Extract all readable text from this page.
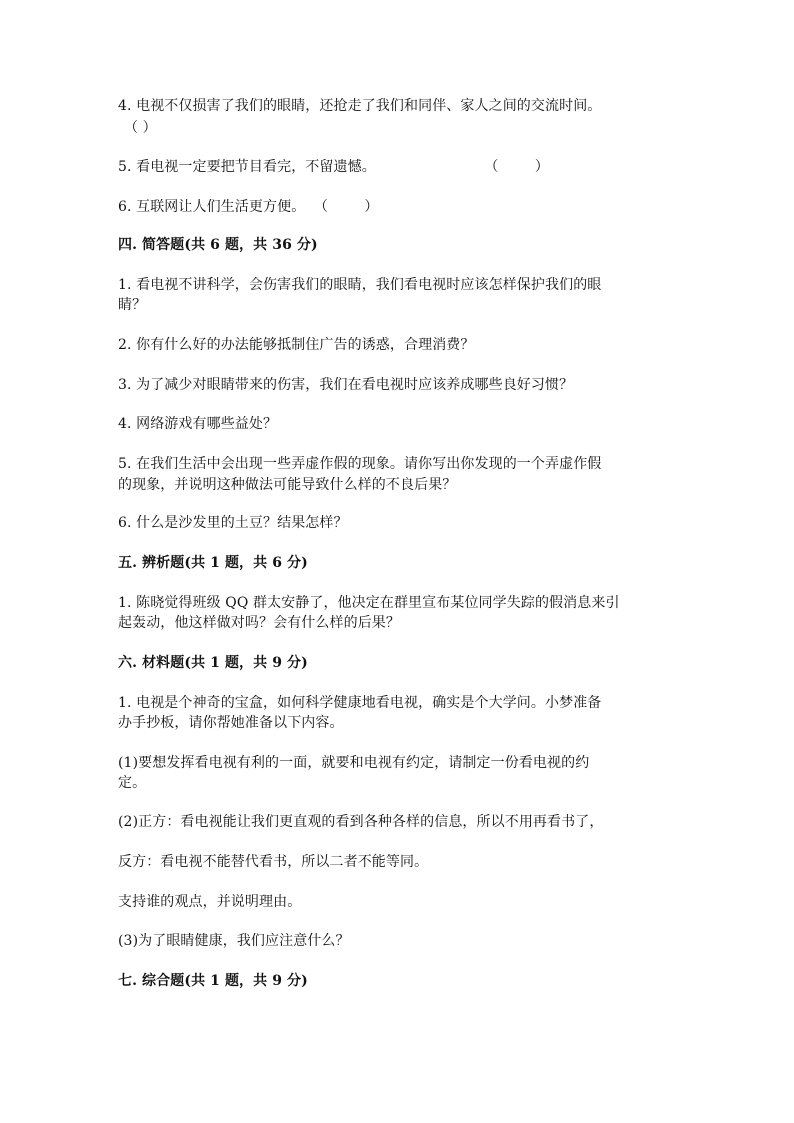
4. 电视不仅损害了我们的眼睛，还抢走了我们和同伴、家人之间的交流时间。
（ ）
5. 看电视一定要把节目看完，不留遗憾。	（        ）
6. 互联网让人们生活更方便。 （        ）
四. 简答题(共 6 题，共 36 分)
1. 看电视不讲科学，会伤害我们的眼睛，我们看电视时应该怎样保护我们的眼
睛？
2. 你有什么好的办法能够抵制住广告的诱惑，合理消费？
3. 为了减少对眼睛带来的伤害，我们在看电视时应该养成哪些良好习惯？
4. 网络游戏有哪些益处？
5. 在我们生活中会出现一些弄虚作假的现象。请你写出你发现的一个弄虚作假
的现象，并说明这种做法可能导致什么样的不良后果？
6. 什么是沙发里的土豆？结果怎样？
五. 辨析题(共 1 题，共 6 分)
1. 陈晓觉得班级 QQ 群太安静了，他决定在群里宣布某位同学失踪的假消息来引
起轰动，他这样做对吗？会有什么样的后果？
六. 材料题(共 1 题，共 9 分)
1. 电视是个神奇的宝盒，如何科学健康地看电视，确实是个大学问。小梦准备
办手抄板，请你帮她准备以下内容。
(1)要想发挥看电视有利的一面，就要和电视有约定，请制定一份看电视的约
定。
(2)正方：看电视能让我们更直观的看到各种各样的信息，所以不用再看书了，
反方：看电视不能替代看书，所以二者不能等同。
支持谁的观点，并说明理由。
(3)为了眼睛健康，我们应注意什么？
七. 综合题(共 1 题，共 9 分)
